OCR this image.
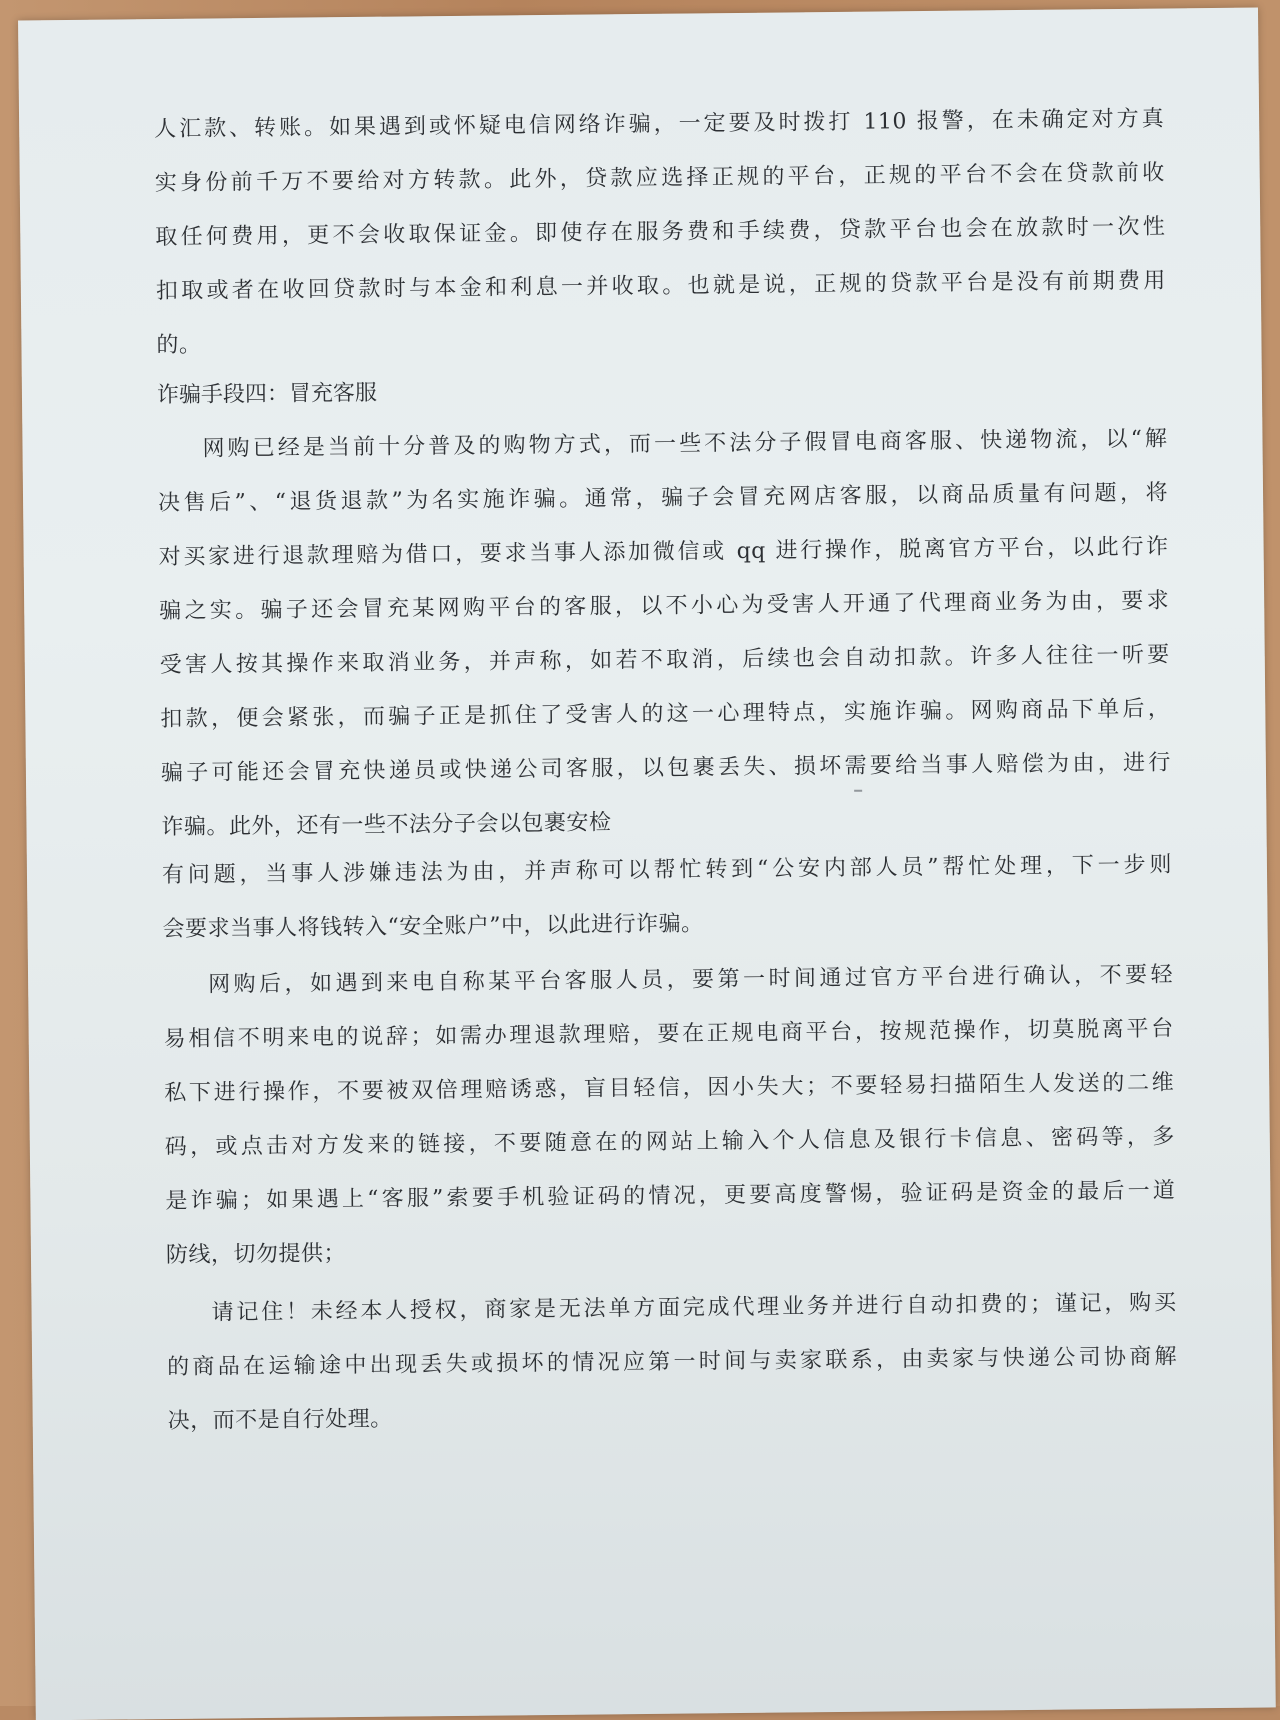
人汇款、转账。如果遇到或怀疑电信网络诈骗，一定要及时拨打 110 报警，在未确定对方真

实身份前千万不要给对方转款。此外，贷款应选择正规的平台，正规的平台不会在贷款前收

取任何费用，更不会收取保证金。即使存在服务费和手续费，贷款平台也会在放款时一次性

扣取或者在收回贷款时与本金和利息一并收取。也就是说，正规的贷款平台是没有前期费用

的。

诈骗手段四：冒充客服

网购已经是当前十分普及的购物方式，而一些不法分子假冒电商客服、快递物流，以“解

决售后”、“退货退款”为名实施诈骗。通常，骗子会冒充网店客服，以商品质量有问题，将

对买家进行退款理赔为借口，要求当事人添加微信或 qq 进行操作，脱离官方平台，以此行诈

骗之实。骗子还会冒充某网购平台的客服，以不小心为受害人开通了代理商业务为由，要求

受害人按其操作来取消业务，并声称，如若不取消，后续也会自动扣款。许多人往往一听要

扣款，便会紧张，而骗子正是抓住了受害人的这一心理特点，实施诈骗。网购商品下单后，

骗子可能还会冒充快递员或快递公司客服，以包裹丢失、损坏需要给当事人赔偿为由，进行

诈骗。此外，还有一些不法分子会以包裹安检

有问题，当事人涉嫌违法为由，并声称可以帮忙转到“公安内部人员”帮忙处理，下一步则

会要求当事人将钱转入“安全账户”中，以此进行诈骗。

网购后，如遇到来电自称某平台客服人员，要第一时间通过官方平台进行确认，不要轻

易相信不明来电的说辞；如需办理退款理赔，要在正规电商平台，按规范操作，切莫脱离平台

私下进行操作，不要被双倍理赔诱惑，盲目轻信，因小失大；不要轻易扫描陌生人发送的二维

码，或点击对方发来的链接，不要随意在的网站上输入个人信息及银行卡信息、密码等，多

是诈骗；如果遇上“客服”索要手机验证码的情况，更要高度警惕，验证码是资金的最后一道

防线，切勿提供；

请记住！未经本人授权，商家是无法单方面完成代理业务并进行自动扣费的；谨记，购买

的商品在运输途中出现丢失或损坏的情况应第一时间与卖家联系，由卖家与快递公司协商解

决，而不是自行处理。
